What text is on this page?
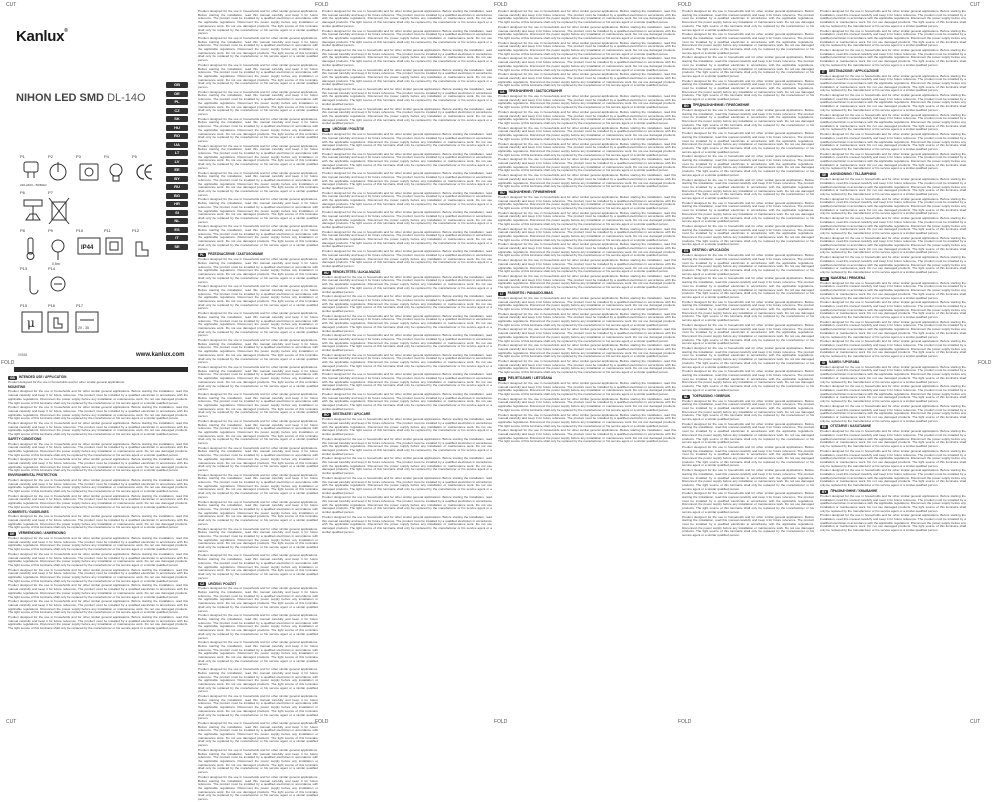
CUT	FOLD	FOLD	FOLD	CUT
CUT	FOLD	FOLD	FOLD	CUT
FOLD	FOLD
Kanlux®
NIHON LED SMD DL-14O
GB
DE
PL
CZ
SK
HU
RO
UA
LT
LV
EE
BY
RU
BG
HR
SI
NL
ES
IT
SE
P1	P2	P3	P4	P5
P6	P7
P8	P9	P10	P11	P12
P13	P14
P15	P16	P17
220-240V~ 50/60Hz
0,5m
IP44
μ	20 - 35
00581	www.kanlux.com
GB	INTENDED USE / APPLICATION

Product designed for the use in households and for other similar general applications.

MOUNTING

Product designed for the use in households and for other similar general applications. Before starting the installation, read this manual carefully and keep it for future reference. The product must be installed by a qualified electrician in accordance with the applicable regulations. Disconnect the power supply before any installation or maintenance work. Do not use damaged products. The light source of this luminaire shall only be replaced by the manufacturer or his service agent or a similar qualified person.

Product designed for the use in households and for other similar general applications. Before starting the installation, read this manual carefully and keep it for future reference. The product must be installed by a qualified electrician in accordance with the applicable regulations. Disconnect the power supply before any installation or maintenance work. Do not use damaged products. The light source of this luminaire shall only be replaced by the manufacturer or his service agent or a similar qualified person.

Product designed for the use in households and for other similar general applications. Before starting the installation, read this manual carefully and keep it for future reference. The product must be installed by a qualified electrician in accordance with the applicable regulations. Disconnect the power supply before any installation or maintenance work. Do not use damaged products. The light source of this luminaire shall only be replaced by the manufacturer or his service agent or a similar qualified person.

SAFETY CONDITIONS

Product designed for the use in households and for other similar general applications. Before starting the installation, read this manual carefully and keep it for future reference. The product must be installed by a qualified electrician in accordance with the applicable regulations. Disconnect the power supply before any installation or maintenance work. Do not use damaged products. The light source of this luminaire shall only be replaced by the manufacturer or his service agent or a similar qualified person.

Product designed for the use in households and for other similar general applications. Before starting the installation, read this manual carefully and keep it for future reference. The product must be installed by a qualified electrician in accordance with the applicable regulations. Disconnect the power supply before any installation or maintenance work. Do not use damaged products. The light source of this luminaire shall only be replaced by the manufacturer or his service agent or a similar qualified person.

ENVIRONMENTAL PROTECTION

Product designed for the use in households and for other similar general applications. Before starting the installation, read this manual carefully and keep it for future reference. The product must be installed by a qualified electrician in accordance with the applicable regulations. Disconnect the power supply before any installation or maintenance work. Do not use damaged products. The light source of this luminaire shall only be replaced by the manufacturer or his service agent or a similar qualified person.

Product designed for the use in households and for other similar general applications. Before starting the installation, read this manual carefully and keep it for future reference. The product must be installed by a qualified electrician in accordance with the applicable regulations. Disconnect the power supply before any installation or maintenance work. Do not use damaged products. The light source of this luminaire shall only be replaced by the manufacturer or his service agent or a similar qualified person.

COMMENTS / GUIDELINES

Product designed for the use in households and for other similar general applications. Before starting the installation, read this manual carefully and keep it for future reference. The product must be installed by a qualified electrician in accordance with the applicable regulations. Disconnect the power supply before any installation or maintenance work. Do not use damaged products. The light source of this luminaire shall only be replaced by the manufacturer or his service agent or a similar qualified person.

DE	VERWENDUNG / ANWENDUNG

Product designed for the use in households and for other similar general applications. Before starting the installation, read this manual carefully and keep it for future reference. The product must be installed by a qualified electrician in accordance with the applicable regulations. Disconnect the power supply before any installation or maintenance work. Do not use damaged products. The light source of this luminaire shall only be replaced by the manufacturer or his service agent or a similar qualified person.

Product designed for the use in households and for other similar general applications. Before starting the installation, read this manual carefully and keep it for future reference. The product must be installed by a qualified electrician in accordance with the applicable regulations. Disconnect the power supply before any installation or maintenance work. Do not use damaged products. The light source of this luminaire shall only be replaced by the manufacturer or his service agent or a similar qualified person.

Product designed for the use in households and for other similar general applications. Before starting the installation, read this manual carefully and keep it for future reference. The product must be installed by a qualified electrician in accordance with the applicable regulations. Disconnect the power supply before any installation or maintenance work. Do not use damaged products. The light source of this luminaire shall only be replaced by the manufacturer or his service agent or a similar qualified person.

Product designed for the use in households and for other similar general applications. Before starting the installation, read this manual carefully and keep it for future reference. The product must be installed by a qualified electrician in accordance with the applicable regulations. Disconnect the power supply before any installation or maintenance work. Do not use damaged products. The light source of this luminaire shall only be replaced by the manufacturer or his service agent or a similar qualified person.

Product designed for the use in households and for other similar general applications. Before starting the installation, read this manual carefully and keep it for future reference. The product must be installed by a qualified electrician in accordance with the applicable regulations. Disconnect the power supply before any installation or maintenance work. Do not use damaged products. The light source of this luminaire shall only be replaced by the manufacturer or his service agent or a similar qualified person.

Product designed for the use in households and for other similar general applications. Before starting the installation, read this manual carefully and keep it for future reference. The product must be installed by a qualified electrician in accordance with the applicable regulations. Disconnect the power supply before any installation or maintenance work. Do not use damaged products. The light source of this luminaire shall only be replaced by the manufacturer or his service agent or a similar qualified person.

Product designed for the use in households and for other similar general applications. Before starting the installation, read this manual carefully and keep it for future reference. The product must be installed by a qualified electrician in accordance with the applicable regulations. Disconnect the power supply before any installation or maintenance work. Do not use damaged products. The light source of this luminaire shall only be replaced by the manufacturer or his service agent or a similar qualified person.

Product designed for the use in households and for other similar general applications. Before starting the installation, read this manual carefully and keep it for future reference. The product must be installed by a qualified electrician in accordance with the applicable regulations. Disconnect the power supply before any installation or maintenance work. Do not use damaged products. The light source of this luminaire shall only be replaced by the manufacturer or his service agent or a similar qualified person.

Product designed for the use in households and for other similar general applications. Before starting the installation, read this manual carefully and keep it for future reference. The product must be installed by a qualified electrician in accordance with the applicable regulations. Disconnect the power supply before any installation or maintenance work. Do not use damaged products. The light source of this luminaire shall only be replaced by the manufacturer or his service agent or a similar qualified person.

Product designed for the use in households and for other similar general applications. Before starting the installation, read this manual carefully and keep it for future reference. The product must be installed by a qualified electrician in accordance with the applicable regulations. Disconnect the power supply before any installation or maintenance work. Do not use damaged products. The light source of this luminaire shall only be replaced by the manufacturer or his service agent or a similar qualified person.

Product designed for the use in households and for other similar general applications. Before starting the installation, read this manual carefully and keep it for future reference. The product must be installed by a qualified electrician in accordance with the applicable regulations. Disconnect the power supply before any installation or maintenance work. Do not use damaged products. The light source of this luminaire shall only be replaced by the manufacturer or his service agent or a similar qualified person.

Product designed for the use in households and for other similar general applications. Before starting the installation, read this manual carefully and keep it for future reference. The product must be installed by a qualified electrician in accordance with the applicable regulations. Disconnect the power supply before any installation or maintenance work. Do not use damaged products. The light source of this luminaire shall only be replaced by the manufacturer or his service agent or a similar qualified person.

Product designed for the use in households and for other similar general applications. Before starting the installation, read this manual carefully and keep it for future reference. The product must be installed by a qualified electrician in accordance with the applicable regulations. Disconnect the power supply before any installation or maintenance work. Do not use damaged products. The light source of this luminaire shall only be replaced by the manufacturer or his service agent or a similar qualified person.

Product designed for the use in households and for other similar general applications. Before starting the installation, read this manual carefully and keep it for future reference. The product must be installed by a qualified electrician in accordance with the applicable regulations. Disconnect the power supply before any installation or maintenance work. Do not use damaged products. The light source of this luminaire shall only be replaced by the manufacturer or his service agent or a similar qualified person.

Product designed for the use in households and for other similar general applications. Before starting the installation, read this manual carefully and keep it for future reference. The product must be installed by a qualified electrician in accordance with the applicable regulations. Disconnect the power supply before any installation or maintenance work. Do not use damaged products. The light source of this luminaire shall only be replaced by the manufacturer or his service agent or a similar qualified person.

PL	PRZEZNACZENIE / ZASTOSOWANIE

Product designed for the use in households and for other similar general applications. Before starting the installation, read this manual carefully and keep it for future reference. The product must be installed by a qualified electrician in accordance with the applicable regulations. Disconnect the power supply before any installation or maintenance work. Do not use damaged products. The light source of this luminaire shall only be replaced by the manufacturer or his service agent or a similar qualified person.

Product designed for the use in households and for other similar general applications. Before starting the installation, read this manual carefully and keep it for future reference. The product must be installed by a qualified electrician in accordance with the applicable regulations. Disconnect the power supply before any installation or maintenance work. Do not use damaged products. The light source of this luminaire shall only be replaced by the manufacturer or his service agent or a similar qualified person.

Product designed for the use in households and for other similar general applications. Before starting the installation, read this manual carefully and keep it for future reference. The product must be installed by a qualified electrician in accordance with the applicable regulations. Disconnect the power supply before any installation or maintenance work. Do not use damaged products. The light source of this luminaire shall only be replaced by the manufacturer or his service agent or a similar qualified person.

Product designed for the use in households and for other similar general applications. Before starting the installation, read this manual carefully and keep it for future reference. The product must be installed by a qualified electrician in accordance with the applicable regulations. Disconnect the power supply before any installation or maintenance work. Do not use damaged products. The light source of this luminaire shall only be replaced by the manufacturer or his service agent or a similar qualified person.

Product designed for the use in households and for other similar general applications. Before starting the installation, read this manual carefully and keep it for future reference. The product must be installed by a qualified electrician in accordance with the applicable regulations. Disconnect the power supply before any installation or maintenance work. Do not use damaged products. The light source of this luminaire shall only be replaced by the manufacturer or his service agent or a similar qualified person.

Product designed for the use in households and for other similar general applications. Before starting the installation, read this manual carefully and keep it for future reference. The product must be installed by a qualified electrician in accordance with the applicable regulations. Disconnect the power supply before any installation or maintenance work. Do not use damaged products. The light source of this luminaire shall only be replaced by the manufacturer or his service agent or a similar qualified person.

Product designed for the use in households and for other similar general applications. Before starting the installation, read this manual carefully and keep it for future reference. The product must be installed by a qualified electrician in accordance with the applicable regulations. Disconnect the power supply before any installation or maintenance work. Do not use damaged products. The light source of this luminaire shall only be replaced by the manufacturer or his service agent or a similar qualified person.

Product designed for the use in households and for other similar general applications. Before starting the installation, read this manual carefully and keep it for future reference. The product must be installed by a qualified electrician in accordance with the applicable regulations. Disconnect the power supply before any installation or maintenance work. Do not use damaged products. The light source of this luminaire shall only be replaced by the manufacturer or his service agent or a similar qualified person.

Product designed for the use in households and for other similar general applications. Before starting the installation, read this manual carefully and keep it for future reference. The product must be installed by a qualified electrician in accordance with the applicable regulations. Disconnect the power supply before any installation or maintenance work. Do not use damaged products. The light source of this luminaire shall only be replaced by the manufacturer or his service agent or a similar qualified person.

Product designed for the use in households and for other similar general applications. Before starting the installation, read this manual carefully and keep it for future reference. The product must be installed by a qualified electrician in accordance with the applicable regulations. Disconnect the power supply before any installation or maintenance work. Do not use damaged products. The light source of this luminaire shall only be replaced by the manufacturer or his service agent or a similar qualified person.

Product designed for the use in households and for other similar general applications. Before starting the installation, read this manual carefully and keep it for future reference. The product must be installed by a qualified electrician in accordance with the applicable regulations. Disconnect the power supply before any installation or maintenance work. Do not use damaged products. The light source of this luminaire shall only be replaced by the manufacturer or his service agent or a similar qualified person.

Product designed for the use in households and for other similar general applications. Before starting the installation, read this manual carefully and keep it for future reference. The product must be installed by a qualified electrician in accordance with the applicable regulations. Disconnect the power supply before any installation or maintenance work. Do not use damaged products. The light source of this luminaire shall only be replaced by the manufacturer or his service agent or a similar qualified person.

CZ	URČENÍ / POUŽITÍ

Product designed for the use in households and for other similar general applications. Before starting the installation, read this manual carefully and keep it for future reference. The product must be installed by a qualified electrician in accordance with the applicable regulations. Disconnect the power supply before any installation or maintenance work. Do not use damaged products. The light source of this luminaire shall only be replaced by the manufacturer or his service agent or a similar qualified person.

Product designed for the use in households and for other similar general applications. Before starting the installation, read this manual carefully and keep it for future reference. The product must be installed by a qualified electrician in accordance with the applicable regulations. Disconnect the power supply before any installation or maintenance work. Do not use damaged products. The light source of this luminaire shall only be replaced by the manufacturer or his service agent or a similar qualified person.

Product designed for the use in households and for other similar general applications. Before starting the installation, read this manual carefully and keep it for future reference. The product must be installed by a qualified electrician in accordance with the applicable regulations. Disconnect the power supply before any installation or maintenance work. Do not use damaged products. The light source of this luminaire shall only be replaced by the manufacturer or his service agent or a similar qualified person.

Product designed for the use in households and for other similar general applications. Before starting the installation, read this manual carefully and keep it for future reference. The product must be installed by a qualified electrician in accordance with the applicable regulations. Disconnect the power supply before any installation or maintenance work. Do not use damaged products. The light source of this luminaire shall only be replaced by the manufacturer or his service agent or a similar qualified person.

Product designed for the use in households and for other similar general applications. Before starting the installation, read this manual carefully and keep it for future reference. The product must be installed by a qualified electrician in accordance with the applicable regulations. Disconnect the power supply before any installation or maintenance work. Do not use damaged products. The light source of this luminaire shall only be replaced by the manufacturer or his service agent or a similar qualified person.

Product designed for the use in households and for other similar general applications. Before starting the installation, read this manual carefully and keep it for future reference. The product must be installed by a qualified electrician in accordance with the applicable regulations. Disconnect the power supply before any installation or maintenance work. Do not use damaged products. The light source of this luminaire shall only be replaced by the manufacturer or his service agent or a similar qualified person.

Product designed for the use in households and for other similar general applications. Before starting the installation, read this manual carefully and keep it for future reference. The product must be installed by a qualified electrician in accordance with the applicable regulations. Disconnect the power supply before any installation or maintenance work. Do not use damaged products. The light source of this luminaire shall only be replaced by the manufacturer or his service agent or a similar qualified person.

Product designed for the use in households and for other similar general applications. Before starting the installation, read this manual carefully and keep it for future reference. The product must be installed by a qualified electrician in accordance with the applicable regulations. Disconnect the power supply before any installation or maintenance work. Do not use damaged products. The light source of this luminaire shall only be replaced by the manufacturer or his service agent or a similar qualified person.

Product designed for the use in households and for other similar general applications. Before starting the installation, read this manual carefully and keep it for future reference. The product must be installed by a qualified electrician in accordance with the applicable regulations. Disconnect the power supply before any installation or maintenance work. Do not use damaged products. The light source of this luminaire shall only be replaced by the manufacturer or his service agent or a similar qualified person.

Product designed for the use in households and for other similar general applications. Before starting the installation, read this manual carefully and keep it for future reference. The product must be installed by a qualified electrician in accordance with the applicable regulations. Disconnect the power supply before any installation or maintenance work. Do not use damaged products. The light source of this luminaire shall only be replaced by the manufacturer or his service agent or a similar qualified person.

Product designed for the use in households and for other similar general applications. Before starting the installation, read this manual carefully and keep it for future reference. The product must be installed by a qualified electrician in accordance with the applicable regulations. Disconnect the power supply before any installation or maintenance work. Do not use damaged products. The light source of this luminaire shall only be replaced by the manufacturer or his service agent or a similar qualified person.

Product designed for the use in households and for other similar general applications. Before starting the installation, read this manual carefully and keep it for future reference. The product must be installed by a qualified electrician in accordance with the applicable regulations. Disconnect the power supply before any installation or maintenance work. Do not use damaged products. The light source of this luminaire shall only be replaced by the manufacturer or his service agent or a similar qualified person.

Product designed for the use in households and for other similar general applications. Before starting the installation, read this manual carefully and keep it for future reference. The product must be installed by a qualified electrician in accordance with the applicable regulations. Disconnect the power supply before any installation or maintenance work. Do not use damaged products. The light source of this luminaire shall only be replaced by the manufacturer or his service agent or a similar qualified person.

Product designed for the use in households and for other similar general applications. Before starting the installation, read this manual carefully and keep it for future reference. The product must be installed by a qualified electrician in accordance with the applicable regulations. Disconnect the power supply before any installation or maintenance work. Do not use damaged products. The light source of this luminaire shall only be replaced by the manufacturer or his service agent or a similar qualified person.

SK	URČENIE / POUŽITIE

Product designed for the use in households and for other similar general applications. Before starting the installation, read this manual carefully and keep it for future reference. The product must be installed by a qualified electrician in accordance with the applicable regulations. Disconnect the power supply before any installation or maintenance work. Do not use damaged products. The light source of this luminaire shall only be replaced by the manufacturer or his service agent or a similar qualified person.

Product designed for the use in households and for other similar general applications. Before starting the installation, read this manual carefully and keep it for future reference. The product must be installed by a qualified electrician in accordance with the applicable regulations. Disconnect the power supply before any installation or maintenance work. Do not use damaged products. The light source of this luminaire shall only be replaced by the manufacturer or his service agent or a similar qualified person.

Product designed for the use in households and for other similar general applications. Before starting the installation, read this manual carefully and keep it for future reference. The product must be installed by a qualified electrician in accordance with the applicable regulations. Disconnect the power supply before any installation or maintenance work. Do not use damaged products. The light source of this luminaire shall only be replaced by the manufacturer or his service agent or a similar qualified person.

Product designed for the use in households and for other similar general applications. Before starting the installation, read this manual carefully and keep it for future reference. The product must be installed by a qualified electrician in accordance with the applicable regulations. Disconnect the power supply before any installation or maintenance work. Do not use damaged products. The light source of this luminaire shall only be replaced by the manufacturer or his service agent or a similar qualified person.

Product designed for the use in households and for other similar general applications. Before starting the installation, read this manual carefully and keep it for future reference. The product must be installed by a qualified electrician in accordance with the applicable regulations. Disconnect the power supply before any installation or maintenance work. Do not use damaged products. The light source of this luminaire shall only be replaced by the manufacturer or his service agent or a similar qualified person.

Product designed for the use in households and for other similar general applications. Before starting the installation, read this manual carefully and keep it for future reference. The product must be installed by a qualified electrician in accordance with the applicable regulations. Disconnect the power supply before any installation or maintenance work. Do not use damaged products. The light source of this luminaire shall only be replaced by the manufacturer or his service agent or a similar qualified person.

Product designed for the use in households and for other similar general applications. Before starting the installation, read this manual carefully and keep it for future reference. The product must be installed by a qualified electrician in accordance with the applicable regulations. Disconnect the power supply before any installation or maintenance work. Do not use damaged products. The light source of this luminaire shall only be replaced by the manufacturer or his service agent or a similar qualified person.

HU	RENDELTETÉS / ALKALMAZÁS

Product designed for the use in households and for other similar general applications. Before starting the installation, read this manual carefully and keep it for future reference. The product must be installed by a qualified electrician in accordance with the applicable regulations. Disconnect the power supply before any installation or maintenance work. Do not use damaged products. The light source of this luminaire shall only be replaced by the manufacturer or his service agent or a similar qualified person.

Product designed for the use in households and for other similar general applications. Before starting the installation, read this manual carefully and keep it for future reference. The product must be installed by a qualified electrician in accordance with the applicable regulations. Disconnect the power supply before any installation or maintenance work. Do not use damaged products. The light source of this luminaire shall only be replaced by the manufacturer or his service agent or a similar qualified person.

Product designed for the use in households and for other similar general applications. Before starting the installation, read this manual carefully and keep it for future reference. The product must be installed by a qualified electrician in accordance with the applicable regulations. Disconnect the power supply before any installation or maintenance work. Do not use damaged products. The light source of this luminaire shall only be replaced by the manufacturer or his service agent or a similar qualified person.

Product designed for the use in households and for other similar general applications. Before starting the installation, read this manual carefully and keep it for future reference. The product must be installed by a qualified electrician in accordance with the applicable regulations. Disconnect the power supply before any installation or maintenance work. Do not use damaged products. The light source of this luminaire shall only be replaced by the manufacturer or his service agent or a similar qualified person.

Product designed for the use in households and for other similar general applications. Before starting the installation, read this manual carefully and keep it for future reference. The product must be installed by a qualified electrician in accordance with the applicable regulations. Disconnect the power supply before any installation or maintenance work. Do not use damaged products. The light source of this luminaire shall only be replaced by the manufacturer or his service agent or a similar qualified person.

Product designed for the use in households and for other similar general applications. Before starting the installation, read this manual carefully and keep it for future reference. The product must be installed by a qualified electrician in accordance with the applicable regulations. Disconnect the power supply before any installation or maintenance work. Do not use damaged products. The light source of this luminaire shall only be replaced by the manufacturer or his service agent or a similar qualified person.

Product designed for the use in households and for other similar general applications. Before starting the installation, read this manual carefully and keep it for future reference. The product must be installed by a qualified electrician in accordance with the applicable regulations. Disconnect the power supply before any installation or maintenance work. Do not use damaged products. The light source of this luminaire shall only be replaced by the manufacturer or his service agent or a similar qualified person.

RO	DESTINATIE / APLICARE

Product designed for the use in households and for other similar general applications. Before starting the installation, read this manual carefully and keep it for future reference. The product must be installed by a qualified electrician in accordance with the applicable regulations. Disconnect the power supply before any installation or maintenance work. Do not use damaged products. The light source of this luminaire shall only be replaced by the manufacturer or his service agent or a similar qualified person.

Product designed for the use in households and for other similar general applications. Before starting the installation, read this manual carefully and keep it for future reference. The product must be installed by a qualified electrician in accordance with the applicable regulations. Disconnect the power supply before any installation or maintenance work. Do not use damaged products. The light source of this luminaire shall only be replaced by the manufacturer or his service agent or a similar qualified person.

Product designed for the use in households and for other similar general applications. Before starting the installation, read this manual carefully and keep it for future reference. The product must be installed by a qualified electrician in accordance with the applicable regulations. Disconnect the power supply before any installation or maintenance work. Do not use damaged products. The light source of this luminaire shall only be replaced by the manufacturer or his service agent or a similar qualified person.

Product designed for the use in households and for other similar general applications. Before starting the installation, read this manual carefully and keep it for future reference. The product must be installed by a qualified electrician in accordance with the applicable regulations. Disconnect the power supply before any installation or maintenance work. Do not use damaged products. The light source of this luminaire shall only be replaced by the manufacturer or his service agent or a similar qualified person.

Product designed for the use in households and for other similar general applications. Before starting the installation, read this manual carefully and keep it for future reference. The product must be installed by a qualified electrician in accordance with the applicable regulations. Disconnect the power supply before any installation or maintenance work. Do not use damaged products. The light source of this luminaire shall only be replaced by the manufacturer or his service agent or a similar qualified person.

Product designed for the use in households and for other similar general applications. Before starting the installation, read this manual carefully and keep it for future reference. The product must be installed by a qualified electrician in accordance with the applicable regulations. Disconnect the power supply before any installation or maintenance work. Do not use damaged products. The light source of this luminaire shall only be replaced by the manufacturer or his service agent or a similar qualified person.

Product designed for the use in households and for other similar general applications. Before starting the installation, read this manual carefully and keep it for future reference. The product must be installed by a qualified electrician in accordance with the applicable regulations. Disconnect the power supply before any installation or maintenance work. Do not use damaged products. The light source of this luminaire shall only be replaced by the manufacturer or his service agent or a similar qualified person.

Product designed for the use in households and for other similar general applications. Before starting the installation, read this manual carefully and keep it for future reference. The product must be installed by a qualified electrician in accordance with the applicable regulations. Disconnect the power supply before any installation or maintenance work. Do not use damaged products. The light source of this luminaire shall only be replaced by the manufacturer or his service agent or a similar qualified person.

Product designed for the use in households and for other similar general applications. Before starting the installation, read this manual carefully and keep it for future reference. The product must be installed by a qualified electrician in accordance with the applicable regulations. Disconnect the power supply before any installation or maintenance work. Do not use damaged products. The light source of this luminaire shall only be replaced by the manufacturer or his service agent or a similar qualified person.

Product designed for the use in households and for other similar general applications. Before starting the installation, read this manual carefully and keep it for future reference. The product must be installed by a qualified electrician in accordance with the applicable regulations. Disconnect the power supply before any installation or maintenance work. Do not use damaged products. The light source of this luminaire shall only be replaced by the manufacturer or his service agent or a similar qualified person.

Product designed for the use in households and for other similar general applications. Before starting the installation, read this manual carefully and keep it for future reference. The product must be installed by a qualified electrician in accordance with the applicable regulations. Disconnect the power supply before any installation or maintenance work. Do not use damaged products. The light source of this luminaire shall only be replaced by the manufacturer or his service agent or a similar qualified person.

UA	ПРИЗНАЧЕННЯ / ЗАСТОСУВАННЯ

Product designed for the use in households and for other similar general applications. Before starting the installation, read this manual carefully and keep it for future reference. The product must be installed by a qualified electrician in accordance with the applicable regulations. Disconnect the power supply before any installation or maintenance work. Do not use damaged products. The light source of this luminaire shall only be replaced by the manufacturer or his service agent or a similar qualified person.

Product designed for the use in households and for other similar general applications. Before starting the installation, read this manual carefully and keep it for future reference. The product must be installed by a qualified electrician in accordance with the applicable regulations. Disconnect the power supply before any installation or maintenance work. Do not use damaged products. The light source of this luminaire shall only be replaced by the manufacturer or his service agent or a similar qualified person.

Product designed for the use in households and for other similar general applications. Before starting the installation, read this manual carefully and keep it for future reference. The product must be installed by a qualified electrician in accordance with the applicable regulations. Disconnect the power supply before any installation or maintenance work. Do not use damaged products. The light source of this luminaire shall only be replaced by the manufacturer or his service agent or a similar qualified person.

Product designed for the use in households and for other similar general applications. Before starting the installation, read this manual carefully and keep it for future reference. The product must be installed by a qualified electrician in accordance with the applicable regulations. Disconnect the power supply before any installation or maintenance work. Do not use damaged products. The light source of this luminaire shall only be replaced by the manufacturer or his service agent or a similar qualified person.

Product designed for the use in households and for other similar general applications. Before starting the installation, read this manual carefully and keep it for future reference. The product must be installed by a qualified electrician in accordance with the applicable regulations. Disconnect the power supply before any installation or maintenance work. Do not use damaged products. The light source of this luminaire shall only be replaced by the manufacturer or his service agent or a similar qualified person.

Product designed for the use in households and for other similar general applications. Before starting the installation, read this manual carefully and keep it for future reference. The product must be installed by a qualified electrician in accordance with the applicable regulations. Disconnect the power supply before any installation or maintenance work. Do not use damaged products. The light source of this luminaire shall only be replaced by the manufacturer or his service agent or a similar qualified person.

RU	НАЗНАЧЕНИЕ / ПРИМЕНЕНИЕ

Product designed for the use in households and for other similar general applications. Before starting the installation, read this manual carefully and keep it for future reference. The product must be installed by a qualified electrician in accordance with the applicable regulations. Disconnect the power supply before any installation or maintenance work. Do not use damaged products. The light source of this luminaire shall only be replaced by the manufacturer or his service agent or a similar qualified person.

Product designed for the use in households and for other similar general applications. Before starting the installation, read this manual carefully and keep it for future reference. The product must be installed by a qualified electrician in accordance with the applicable regulations. Disconnect the power supply before any installation or maintenance work. Do not use damaged products. The light source of this luminaire shall only be replaced by the manufacturer or his service agent or a similar qualified person.

Product designed for the use in households and for other similar general applications. Before starting the installation, read this manual carefully and keep it for future reference. The product must be installed by a qualified electrician in accordance with the applicable regulations. Disconnect the power supply before any installation or maintenance work. Do not use damaged products. The light source of this luminaire shall only be replaced by the manufacturer or his service agent or a similar qualified person.

Product designed for the use in households and for other similar general applications. Before starting the installation, read this manual carefully and keep it for future reference. The product must be installed by a qualified electrician in accordance with the applicable regulations. Disconnect the power supply before any installation or maintenance work. Do not use damaged products. The light source of this luminaire shall only be replaced by the manufacturer or his service agent or a similar qualified person.

Product designed for the use in households and for other similar general applications. Before starting the installation, read this manual carefully and keep it for future reference. The product must be installed by a qualified electrician in accordance with the applicable regulations. Disconnect the power supply before any installation or maintenance work. Do not use damaged products. The light source of this luminaire shall only be replaced by the manufacturer or his service agent or a similar qualified person.

Product designed for the use in households and for other similar general applications. Before starting the installation, read this manual carefully and keep it for future reference. The product must be installed by a qualified electrician in accordance with the applicable regulations. Disconnect the power supply before any installation or maintenance work. Do not use damaged products. The light source of this luminaire shall only be replaced by the manufacturer or his service agent or a similar qualified person.

LT	PASKIRTIS / PANAUDOJIMAS

Product designed for the use in households and for other similar general applications. Before starting the installation, read this manual carefully and keep it for future reference. The product must be installed by a qualified electrician in accordance with the applicable regulations. Disconnect the power supply before any installation or maintenance work. Do not use damaged products. The light source of this luminaire shall only be replaced by the manufacturer or his service agent or a similar qualified person.

Product designed for the use in households and for other similar general applications. Before starting the installation, read this manual carefully and keep it for future reference. The product must be installed by a qualified electrician in accordance with the applicable regulations. Disconnect the power supply before any installation or maintenance work. Do not use damaged products. The light source of this luminaire shall only be replaced by the manufacturer or his service agent or a similar qualified person.

Product designed for the use in households and for other similar general applications. Before starting the installation, read this manual carefully and keep it for future reference. The product must be installed by a qualified electrician in accordance with the applicable regulations. Disconnect the power supply before any installation or maintenance work. Do not use damaged products. The light source of this luminaire shall only be replaced by the manufacturer or his service agent or a similar qualified person.

Product designed for the use in households and for other similar general applications. Before starting the installation, read this manual carefully and keep it for future reference. The product must be installed by a qualified electrician in accordance with the applicable regulations. Disconnect the power supply before any installation or maintenance work. Do not use damaged products. The light source of this luminaire shall only be replaced by the manufacturer or his service agent or a similar qualified person.

Product designed for the use in households and for other similar general applications. Before starting the installation, read this manual carefully and keep it for future reference. The product must be installed by a qualified electrician in accordance with the applicable regulations. Disconnect the power supply before any installation or maintenance work. Do not use damaged products. The light source of this luminaire shall only be replaced by the manufacturer or his service agent or a similar qualified person.

LV	PIELIETOJUMS / LIETOŠANA

Product designed for the use in households and for other similar general applications. Before starting the installation, read this manual carefully and keep it for future reference. The product must be installed by a qualified electrician in accordance with the applicable regulations. Disconnect the power supply before any installation or maintenance work. Do not use damaged products. The light source of this luminaire shall only be replaced by the manufacturer or his service agent or a similar qualified person.

Product designed for the use in households and for other similar general applications. Before starting the installation, read this manual carefully and keep it for future reference. The product must be installed by a qualified electrician in accordance with the applicable regulations. Disconnect the power supply before any installation or maintenance work. Do not use damaged products. The light source of this luminaire shall only be replaced by the manufacturer or his service agent or a similar qualified person.

Product designed for the use in households and for other similar general applications. Before starting the installation, read this manual carefully and keep it for future reference. The product must be installed by a qualified electrician in accordance with the applicable regulations. Disconnect the power supply before any installation or maintenance work. Do not use damaged products. The light source of this luminaire shall only be replaced by the manufacturer or his service agent or a similar qualified person.

Product designed for the use in households and for other similar general applications. Before starting the installation, read this manual carefully and keep it for future reference. The product must be installed by a qualified electrician in accordance with the applicable regulations. Disconnect the power supply before any installation or maintenance work. Do not use damaged products. The light source of this luminaire shall only be replaced by the manufacturer or his service agent or a similar qualified person.

Product designed for the use in households and for other similar general applications. Before starting the installation, read this manual carefully and keep it for future reference. The product must be installed by a qualified electrician in accordance with the applicable regulations. Disconnect the power supply before any installation or maintenance work. Do not use damaged products. The light source of this luminaire shall only be replaced by the manufacturer or his service agent or a similar qualified person.

Product designed for the use in households and for other similar general applications. Before starting the installation, read this manual carefully and keep it for future reference. The product must be installed by a qualified electrician in accordance with the applicable regulations. Disconnect the power supply before any installation or maintenance work. Do not use damaged products. The light source of this luminaire shall only be replaced by the manufacturer or his service agent or a similar qualified person.

Product designed for the use in households and for other similar general applications. Before starting the installation, read this manual carefully and keep it for future reference. The product must be installed by a qualified electrician in accordance with the applicable regulations. Disconnect the power supply before any installation or maintenance work. Do not use damaged products. The light source of this luminaire shall only be replaced by the manufacturer or his service agent or a similar qualified person.

Product designed for the use in households and for other similar general applications. Before starting the installation, read this manual carefully and keep it for future reference. The product must be installed by a qualified electrician in accordance with the applicable regulations. Disconnect the power supply before any installation or maintenance work. Do not use damaged products. The light source of this luminaire shall only be replaced by the manufacturer or his service agent or a similar qualified person.

BG	ПРЕДНАЗНАЧЕНИЕ / ПРИЛОЖЕНИЕ

Product designed for the use in households and for other similar general applications. Before starting the installation, read this manual carefully and keep it for future reference. The product must be installed by a qualified electrician in accordance with the applicable regulations. Disconnect the power supply before any installation or maintenance work. Do not use damaged products. The light source of this luminaire shall only be replaced by the manufacturer or his service agent or a similar qualified person.

Product designed for the use in households and for other similar general applications. Before starting the installation, read this manual carefully and keep it for future reference. The product must be installed by a qualified electrician in accordance with the applicable regulations. Disconnect the power supply before any installation or maintenance work. Do not use damaged products. The light source of this luminaire shall only be replaced by the manufacturer or his service agent or a similar qualified person.

Product designed for the use in households and for other similar general applications. Before starting the installation, read this manual carefully and keep it for future reference. The product must be installed by a qualified electrician in accordance with the applicable regulations. Disconnect the power supply before any installation or maintenance work. Do not use damaged products. The light source of this luminaire shall only be replaced by the manufacturer or his service agent or a similar qualified person.

Product designed for the use in households and for other similar general applications. Before starting the installation, read this manual carefully and keep it for future reference. The product must be installed by a qualified electrician in accordance with the applicable regulations. Disconnect the power supply before any installation or maintenance work. Do not use damaged products. The light source of this luminaire shall only be replaced by the manufacturer or his service agent or a similar qualified person.

Product designed for the use in households and for other similar general applications. Before starting the installation, read this manual carefully and keep it for future reference. The product must be installed by a qualified electrician in accordance with the applicable regulations. Disconnect the power supply before any installation or maintenance work. Do not use damaged products. The light source of this luminaire shall only be replaced by the manufacturer or his service agent or a similar qualified person.

Product designed for the use in households and for other similar general applications. Before starting the installation, read this manual carefully and keep it for future reference. The product must be installed by a qualified electrician in accordance with the applicable regulations. Disconnect the power supply before any installation or maintenance work. Do not use damaged products. The light source of this luminaire shall only be replaced by the manufacturer or his service agent or a similar qualified person.

ES	DESTINO / APLICACIÓN

Product designed for the use in households and for other similar general applications. Before starting the installation, read this manual carefully and keep it for future reference. The product must be installed by a qualified electrician in accordance with the applicable regulations. Disconnect the power supply before any installation or maintenance work. Do not use damaged products. The light source of this luminaire shall only be replaced by the manufacturer or his service agent or a similar qualified person.

Product designed for the use in households and for other similar general applications. Before starting the installation, read this manual carefully and keep it for future reference. The product must be installed by a qualified electrician in accordance with the applicable regulations. Disconnect the power supply before any installation or maintenance work. Do not use damaged products. The light source of this luminaire shall only be replaced by the manufacturer or his service agent or a similar qualified person.

Product designed for the use in households and for other similar general applications. Before starting the installation, read this manual carefully and keep it for future reference. The product must be installed by a qualified electrician in accordance with the applicable regulations. Disconnect the power supply before any installation or maintenance work. Do not use damaged products. The light source of this luminaire shall only be replaced by the manufacturer or his service agent or a similar qualified person.

Product designed for the use in households and for other similar general applications. Before starting the installation, read this manual carefully and keep it for future reference. The product must be installed by a qualified electrician in accordance with the applicable regulations. Disconnect the power supply before any installation or maintenance work. Do not use damaged products. The light source of this luminaire shall only be replaced by the manufacturer or his service agent or a similar qualified person.

Product designed for the use in households and for other similar general applications. Before starting the installation, read this manual carefully and keep it for future reference. The product must be installed by a qualified electrician in accordance with the applicable regulations. Disconnect the power supply before any installation or maintenance work. Do not use damaged products. The light source of this luminaire shall only be replaced by the manufacturer or his service agent or a similar qualified person.

Product designed for the use in households and for other similar general applications. Before starting the installation, read this manual carefully and keep it for future reference. The product must be installed by a qualified electrician in accordance with the applicable regulations. Disconnect the power supply before any installation or maintenance work. Do not use damaged products. The light source of this luminaire shall only be replaced by the manufacturer or his service agent or a similar qualified person.

NL	TOEPASSING / GEBRUIK

Product designed for the use in households and for other similar general applications. Before starting the installation, read this manual carefully and keep it for future reference. The product must be installed by a qualified electrician in accordance with the applicable regulations. Disconnect the power supply before any installation or maintenance work. Do not use damaged products. The light source of this luminaire shall only be replaced by the manufacturer or his service agent or a similar qualified person.

Product designed for the use in households and for other similar general applications. Before starting the installation, read this manual carefully and keep it for future reference. The product must be installed by a qualified electrician in accordance with the applicable regulations. Disconnect the power supply before any installation or maintenance work. Do not use damaged products. The light source of this luminaire shall only be replaced by the manufacturer or his service agent or a similar qualified person.

Product designed for the use in households and for other similar general applications. Before starting the installation, read this manual carefully and keep it for future reference. The product must be installed by a qualified electrician in accordance with the applicable regulations. Disconnect the power supply before any installation or maintenance work. Do not use damaged products. The light source of this luminaire shall only be replaced by the manufacturer or his service agent or a similar qualified person.

Product designed for the use in households and for other similar general applications. Before starting the installation, read this manual carefully and keep it for future reference. The product must be installed by a qualified electrician in accordance with the applicable regulations. Disconnect the power supply before any installation or maintenance work. Do not use damaged products. The light source of this luminaire shall only be replaced by the manufacturer or his service agent or a similar qualified person.

Product designed for the use in households and for other similar general applications. Before starting the installation, read this manual carefully and keep it for future reference. The product must be installed by a qualified electrician in accordance with the applicable regulations. Disconnect the power supply before any installation or maintenance work. Do not use damaged products. The light source of this luminaire shall only be replaced by the manufacturer or his service agent or a similar qualified person.

Product designed for the use in households and for other similar general applications. Before starting the installation, read this manual carefully and keep it for future reference. The product must be installed by a qualified electrician in accordance with the applicable regulations. Disconnect the power supply before any installation or maintenance work. Do not use damaged products. The light source of this luminaire shall only be replaced by the manufacturer or his service agent or a similar qualified person.

Product designed for the use in households and for other similar general applications. Before starting the installation, read this manual carefully and keep it for future reference. The product must be installed by a qualified electrician in accordance with the applicable regulations. Disconnect the power supply before any installation or maintenance work. Do not use damaged products. The light source of this luminaire shall only be replaced by the manufacturer or his service agent or a similar qualified person.

Product designed for the use in households and for other similar general applications. Before starting the installation, read this manual carefully and keep it for future reference. The product must be installed by a qualified electrician in accordance with the applicable regulations. Disconnect the power supply before any installation or maintenance work. Do not use damaged products. The light source of this luminaire shall only be replaced by the manufacturer or his service agent or a similar qualified person.

Product designed for the use in households and for other similar general applications. Before starting the installation, read this manual carefully and keep it for future reference. The product must be installed by a qualified electrician in accordance with the applicable regulations. Disconnect the power supply before any installation or maintenance work. Do not use damaged products. The light source of this luminaire shall only be replaced by the manufacturer or his service agent or a similar qualified person.

IT	DESTINAZIONE / APPLICAZIONE

Product designed for the use in households and for other similar general applications. Before starting the installation, read this manual carefully and keep it for future reference. The product must be installed by a qualified electrician in accordance with the applicable regulations. Disconnect the power supply before any installation or maintenance work. Do not use damaged products. The light source of this luminaire shall only be replaced by the manufacturer or his service agent or a similar qualified person.

Product designed for the use in households and for other similar general applications. Before starting the installation, read this manual carefully and keep it for future reference. The product must be installed by a qualified electrician in accordance with the applicable regulations. Disconnect the power supply before any installation or maintenance work. Do not use damaged products. The light source of this luminaire shall only be replaced by the manufacturer or his service agent or a similar qualified person.

Product designed for the use in households and for other similar general applications. Before starting the installation, read this manual carefully and keep it for future reference. The product must be installed by a qualified electrician in accordance with the applicable regulations. Disconnect the power supply before any installation or maintenance work. Do not use damaged products. The light source of this luminaire shall only be replaced by the manufacturer or his service agent or a similar qualified person.

Product designed for the use in households and for other similar general applications. Before starting the installation, read this manual carefully and keep it for future reference. The product must be installed by a qualified electrician in accordance with the applicable regulations. Disconnect the power supply before any installation or maintenance work. Do not use damaged products. The light source of this luminaire shall only be replaced by the manufacturer or his service agent or a similar qualified person.

Product designed for the use in households and for other similar general applications. Before starting the installation, read this manual carefully and keep it for future reference. The product must be installed by a qualified electrician in accordance with the applicable regulations. Disconnect the power supply before any installation or maintenance work. Do not use damaged products. The light source of this luminaire shall only be replaced by the manufacturer or his service agent or a similar qualified person.

SE	ANVÄNDNING / TILLÄMPNING

Product designed for the use in households and for other similar general applications. Before starting the installation, read this manual carefully and keep it for future reference. The product must be installed by a qualified electrician in accordance with the applicable regulations. Disconnect the power supply before any installation or maintenance work. Do not use damaged products. The light source of this luminaire shall only be replaced by the manufacturer or his service agent or a similar qualified person.

Product designed for the use in households and for other similar general applications. Before starting the installation, read this manual carefully and keep it for future reference. The product must be installed by a qualified electrician in accordance with the applicable regulations. Disconnect the power supply before any installation or maintenance work. Do not use damaged products. The light source of this luminaire shall only be replaced by the manufacturer or his service agent or a similar qualified person.

Product designed for the use in households and for other similar general applications. Before starting the installation, read this manual carefully and keep it for future reference. The product must be installed by a qualified electrician in accordance with the applicable regulations. Disconnect the power supply before any installation or maintenance work. Do not use damaged products. The light source of this luminaire shall only be replaced by the manufacturer or his service agent or a similar qualified person.

Product designed for the use in households and for other similar general applications. Before starting the installation, read this manual carefully and keep it for future reference. The product must be installed by a qualified electrician in accordance with the applicable regulations. Disconnect the power supply before any installation or maintenance work. Do not use damaged products. The light source of this luminaire shall only be replaced by the manufacturer or his service agent or a similar qualified person.

Product designed for the use in households and for other similar general applications. Before starting the installation, read this manual carefully and keep it for future reference. The product must be installed by a qualified electrician in accordance with the applicable regulations. Disconnect the power supply before any installation or maintenance work. Do not use damaged products. The light source of this luminaire shall only be replaced by the manufacturer or his service agent or a similar qualified person.

HR	NAMJENA / PRIMJENA

Product designed for the use in households and for other similar general applications. Before starting the installation, read this manual carefully and keep it for future reference. The product must be installed by a qualified electrician in accordance with the applicable regulations. Disconnect the power supply before any installation or maintenance work. Do not use damaged products. The light source of this luminaire shall only be replaced by the manufacturer or his service agent or a similar qualified person.

Product designed for the use in households and for other similar general applications. Before starting the installation, read this manual carefully and keep it for future reference. The product must be installed by a qualified electrician in accordance with the applicable regulations. Disconnect the power supply before any installation or maintenance work. Do not use damaged products. The light source of this luminaire shall only be replaced by the manufacturer or his service agent or a similar qualified person.

Product designed for the use in households and for other similar general applications. Before starting the installation, read this manual carefully and keep it for future reference. The product must be installed by a qualified electrician in accordance with the applicable regulations. Disconnect the power supply before any installation or maintenance work. Do not use damaged products. The light source of this luminaire shall only be replaced by the manufacturer or his service agent or a similar qualified person.

Product designed for the use in households and for other similar general applications. Before starting the installation, read this manual carefully and keep it for future reference. The product must be installed by a qualified electrician in accordance with the applicable regulations. Disconnect the power supply before any installation or maintenance work. Do not use damaged products. The light source of this luminaire shall only be replaced by the manufacturer or his service agent or a similar qualified person.

SI	NAMEN / UPORABA

Product designed for the use in households and for other similar general applications. Before starting the installation, read this manual carefully and keep it for future reference. The product must be installed by a qualified electrician in accordance with the applicable regulations. Disconnect the power supply before any installation or maintenance work. Do not use damaged products. The light source of this luminaire shall only be replaced by the manufacturer or his service agent or a similar qualified person.

Product designed for the use in households and for other similar general applications. Before starting the installation, read this manual carefully and keep it for future reference. The product must be installed by a qualified electrician in accordance with the applicable regulations. Disconnect the power supply before any installation or maintenance work. Do not use damaged products. The light source of this luminaire shall only be replaced by the manufacturer or his service agent or a similar qualified person.

Product designed for the use in households and for other similar general applications. Before starting the installation, read this manual carefully and keep it for future reference. The product must be installed by a qualified electrician in accordance with the applicable regulations. Disconnect the power supply before any installation or maintenance work. Do not use damaged products. The light source of this luminaire shall only be replaced by the manufacturer or his service agent or a similar qualified person.

EE	OTSTARVE / KASUTAMINE

Product designed for the use in households and for other similar general applications. Before starting the installation, read this manual carefully and keep it for future reference. The product must be installed by a qualified electrician in accordance with the applicable regulations. Disconnect the power supply before any installation or maintenance work. Do not use damaged products. The light source of this luminaire shall only be replaced by the manufacturer or his service agent or a similar qualified person.

Product designed for the use in households and for other similar general applications. Before starting the installation, read this manual carefully and keep it for future reference. The product must be installed by a qualified electrician in accordance with the applicable regulations. Disconnect the power supply before any installation or maintenance work. Do not use damaged products. The light source of this luminaire shall only be replaced by the manufacturer or his service agent or a similar qualified person.

Product designed for the use in households and for other similar general applications. Before starting the installation, read this manual carefully and keep it for future reference. The product must be installed by a qualified electrician in accordance with the applicable regulations. Disconnect the power supply before any installation or maintenance work. Do not use damaged products. The light source of this luminaire shall only be replaced by the manufacturer or his service agent or a similar qualified person.

BY	ПРЫЗНАЧЭННЕ / УЖЫВАННЕ

Product designed for the use in households and for other similar general applications. Before starting the installation, read this manual carefully and keep it for future reference. The product must be installed by a qualified electrician in accordance with the applicable regulations. Disconnect the power supply before any installation or maintenance work. Do not use damaged products. The light source of this luminaire shall only be replaced by the manufacturer or his service agent or a similar qualified person.

Product designed for the use in households and for other similar general applications. Before starting the installation, read this manual carefully and keep it for future reference. The product must be installed by a qualified electrician in accordance with the applicable regulations. Disconnect the power supply before any installation or maintenance work. Do not use damaged products. The light source of this luminaire shall only be replaced by the manufacturer or his service agent or a similar qualified person.
